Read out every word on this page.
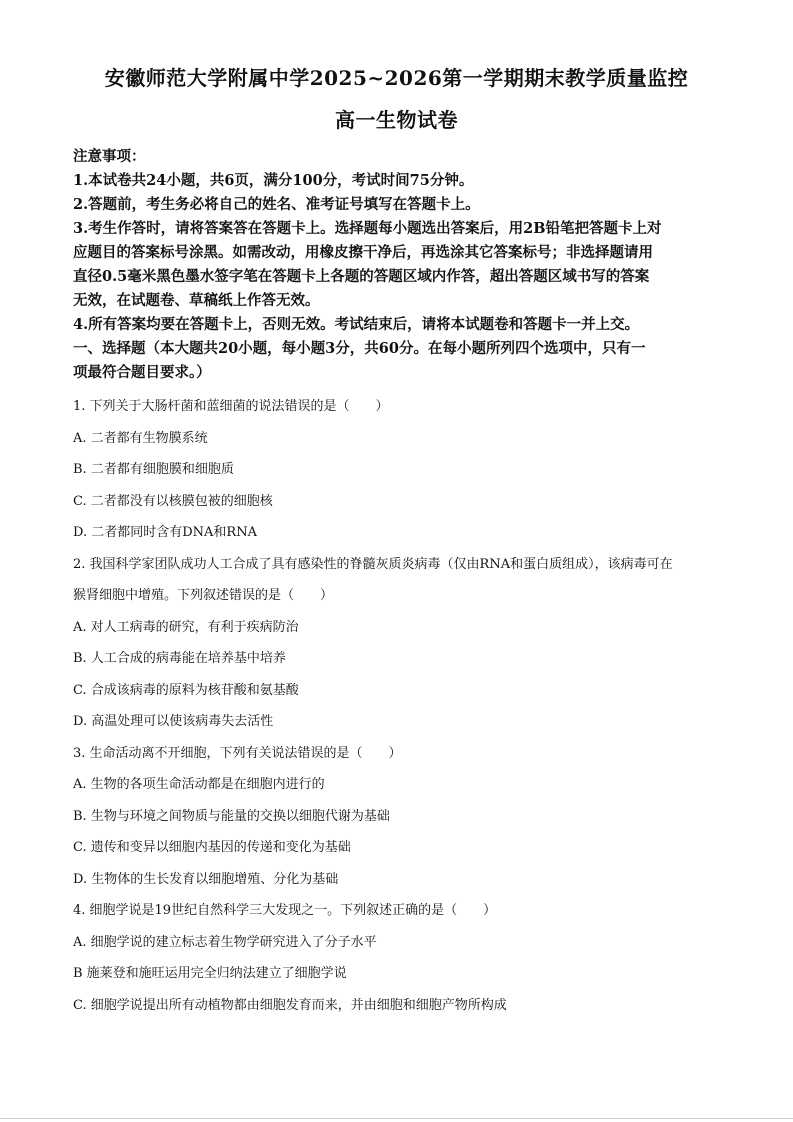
安徽师范大学附属中学2025~2026第一学期期末教学质量监控
高一生物试卷
注意事项：
1.本试卷共24小题，共6页，满分100分，考试时间75分钟。
2.答题前，考生务必将自己的姓名、准考证号填写在答题卡上。
3.考生作答时，请将答案答在答题卡上。选择题每小题选出答案后，用2B铅笔把答题卡上对
应题目的答案标号涂黑。如需改动，用橡皮擦干净后，再选涂其它答案标号；非选择题请用
直径0.5毫米黑色墨水签字笔在答题卡上各题的答题区域内作答，超出答题区域书写的答案
无效，在试题卷、草稿纸上作答无效。
4.所有答案均要在答题卡上，否则无效。考试结束后，请将本试题卷和答题卡一并上交。
一、选择题（本大题共20小题，每小题3分，共60分。在每小题所列四个选项中，只有一
项最符合题目要求。）
1. 下列关于大肠杆菌和蓝细菌的说法错误的是（　　）
A. 二者都有生物膜系统
B. 二者都有细胞膜和细胞质
C. 二者都没有以核膜包被的细胞核
D. 二者都同时含有DNA和RNA
2. 我国科学家团队成功人工合成了具有感染性的脊髓灰质炎病毒（仅由RNA和蛋白质组成），该病毒可在
猴肾细胞中增殖。下列叙述错误的是（　　）
A. 对人工病毒的研究，有利于疾病防治
B. 人工合成的病毒能在培养基中培养
C. 合成该病毒的原料为核苷酸和氨基酸
D. 高温处理可以使该病毒失去活性
3. 生命活动离不开细胞，下列有关说法错误的是（　　）
A. 生物的各项生命活动都是在细胞内进行的
B. 生物与环境之间物质与能量的交换以细胞代谢为基础
C. 遗传和变异以细胞内基因的传递和变化为基础
D. 生物体的生长发育以细胞增殖、分化为基础
4. 细胞学说是19世纪自然科学三大发现之一。下列叙述正确的是（　　）
A. 细胞学说的建立标志着生物学研究进入了分子水平
B 施莱登和施旺运用完全归纳法建立了细胞学说
C. 细胞学说提出所有动植物都由细胞发育而来，并由细胞和细胞产物所构成
